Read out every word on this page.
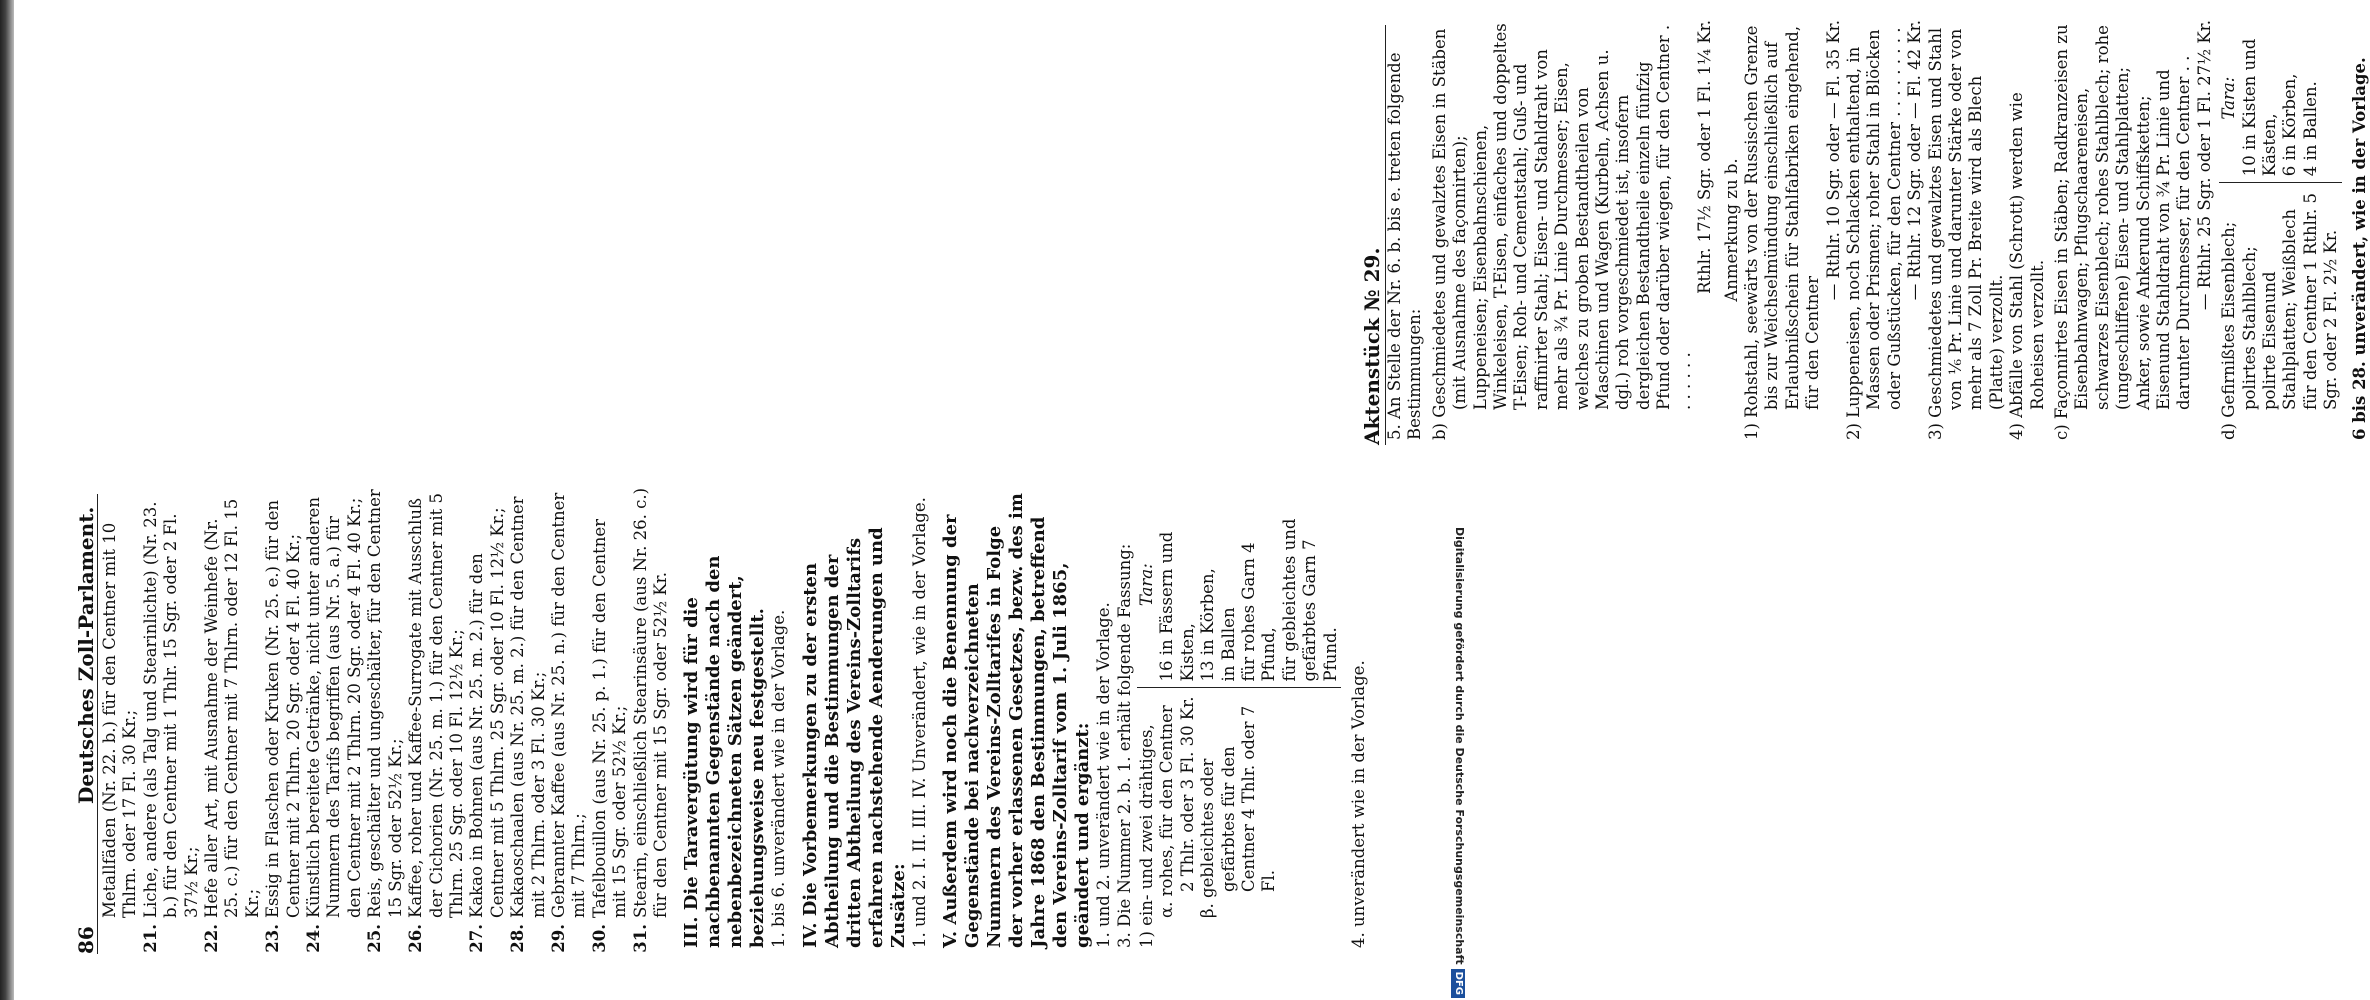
86
Deutsches Zoll-Parlament. Metallfäden (Nr. 22. b.) für den Centner mit 10 Thlrn. oder 17 Fl. 30 Kr.;

21.Liche, andere (als Talg und Stearinlichte) (Nr. 23. b.) für den Centner mit 1 Thlr. 15 Sgr. oder 2 Fl. 37½ Kr.;

22.Hefe aller Art, mit Ausnahme der Weinhefe (Nr. 25. c.) für den Centner mit 7 Thlrn. oder 12 Fl. 15 Kr.;

23.Essig in Flaschen oder Kruken (Nr. 25. e.) für den Centner mit 2 Thlrn. 20 Sgr. oder 4 Fl. 40 Kr.;

24.Künstlich bereitete Getränke, nicht unter anderen Nummern des Tarifs begriffen (aus Nr. 5. a.) für den Centner mit 2 Thlrn. 20 Sgr. oder 4 Fl. 40 Kr.;

25.Reis, geschälter und ungeschälter, für den Centner 15 Sgr. oder 52½ Kr.;

26.Kaffee, roher und Kaffee-Surrogate mit Ausschluß der Cichorien (Nr. 25. m. 1.) für den Centner mit 5 Thlrn. 25 Sgr. oder 10 Fl. 12½ Kr.;

27.Kakao in Bohnen (aus Nr. 25. m. 2.) für den Centner mit 5 Thlrn. 25 Sgr. oder 10 Fl. 12½ Kr.;

28.Kakaoschaalen (aus Nr. 25. m. 2.) für den Centner mit 2 Thlrn. oder 3 Fl. 30 Kr.;

29.Gebrannter Kaffee (aus Nr. 25. n.) für den Centner mit 7 Thlrn.;

30.Tafelbouillon (aus Nr. 25. p. 1.) für den Centner mit 15 Sgr. oder 52½ Kr.;

31.Stearin, einschließlich Stearinsäure (aus Nr. 26. c.) für den Centner mit 15 Sgr. oder 52½ Kr. III. Die Taravergütung wird für die nachbenannten Gegenstände nach den nebenbezeichneten Sätzen geändert, beziehungsweise neu festgestellt. 1. bis 6. unverändert wie in der Vorlage. IV. Die Vorbemerkungen zu der ersten Abtheilung und die Bestimmungen der dritten Abtheilung des Vereins-Zolltarifs erfahren nachstehende Aenderungen und Zusätze: 1. und 2. I. II. III. IV. Unverändert, wie in der Vorlage. V. Außerdem wird noch die Benennung der Gegenstände bei nachverzeichneten Nummern des Vereins-Zolltarifes in Folge der vorher erlassenen Gesetzes, bezw. des im Jahre 1868 den Bestimmungen, betreffend den Vereins-Zolltarif vom 1. Juli 1865, geändert und ergänzt: 1. und 2. unverändert wie in der Vorlage. 3. Die Nummer 2. b. 1. erhält folgende Fassung: 1) ein- und zwei drähtiges, α. rohes, für den Centner 2 Thlr. oder 3 Fl. 30 Kr. β. gebleichtes oder gefärbtes für den Centner 4 Thlr. oder 7 Fl.

Tara: 16 in Fässern und Kisten, 13 in Körben, in Ballen für rohes Garn 4 Pfund, für gebleichtes und gefärbtes Garn 7 Pfund.

4. unverändert wie in der Vorlage.

Aktenstück № 29. 5. An Stelle der Nr. 6. b. bis e. treten folgende Bestimmungen: b) Geschmiedetes und gewalztes Eisen in Stäben (mit Ausnahme des façonnirten); Luppeneisen; Eisenbahnschienen, Winkeleisen, T-Eisen, einfaches und doppeltes T-Eisen; Roh- und Cementstahl; Guß- und raffinirter Stahl; Eisen- und Stahldraht von mehr als ¾ Pr. Linie Durchmesser; Eisen, welches zu groben Bestandtheilen von Maschinen und Wagen (Kurbeln, Achsen u. dgl.) roh vorgeschmiedet ist, insofern dergleichen Bestandtheile einzeln fünfzig Pfund oder darüber wiegen, für den Centner . . . . . . .

Rthlr. 17½ Sgr. oder 1 Fl. 1¼ Kr. Anmerkung zu b. 1) Rohstahl, seewärts von der Russischen Grenze bis zur Weichselmündung einschließlich auf Erlaubnißschein für Stahlfabriken eingehend, für den Centner

— Rthlr. 10 Sgr. oder — Fl. 35 Kr. 2) Luppeneisen, noch Schlacken enthaltend, in Massen oder Prismen; roher Stahl in Blöcken oder Gußstücken, für den Centner . . . . . . . . . — Rthlr. 12 Sgr. oder — Fl. 42 Kr. 3) Geschmiedetes und gewalztes Eisen und Stahl von ⅙ Pr. Linie und darunter Stärke oder von mehr als 7 Zoll Pr. Breite wird als Blech (Platte) verzollt. 4) Abfälle von Stahl (Schrott) werden wie Roheisen verzollt. c) Façonnirtes Eisen in Stäben; Radkranzeisen zu Eisenbahnwagen; Pflugschaareneisen, schwarzes Eisenblech; rohes Stahlblech; rohe (ungeschliffene) Eisen- und Stahlplatten; Anker, sowie Ankerund Schiffsketten; Eisenund Stahldraht von ¾ Pr. Linie und darunter Durchmesser, für den Centner . . — Rthlr. 25 Sgr. oder 1 Fl. 27½ Kr.

d) Gefirnißtes Eisenblech; polirtes Stahlblech; polirte Eisenund Stahlplatten; Weißblech für den Centner 1 Rthlr. 5 Sgr. oder 2 Fl. 2½ Kr.

Tara: 10 in Kisten und Kästen, 6 in Körben, 4 in Ballen. 6 bis 28. unverändert, wie in der Vorlage.

Digitalisierung gefördert durch die Deutsche ForschungsgemeinschaftDFG
